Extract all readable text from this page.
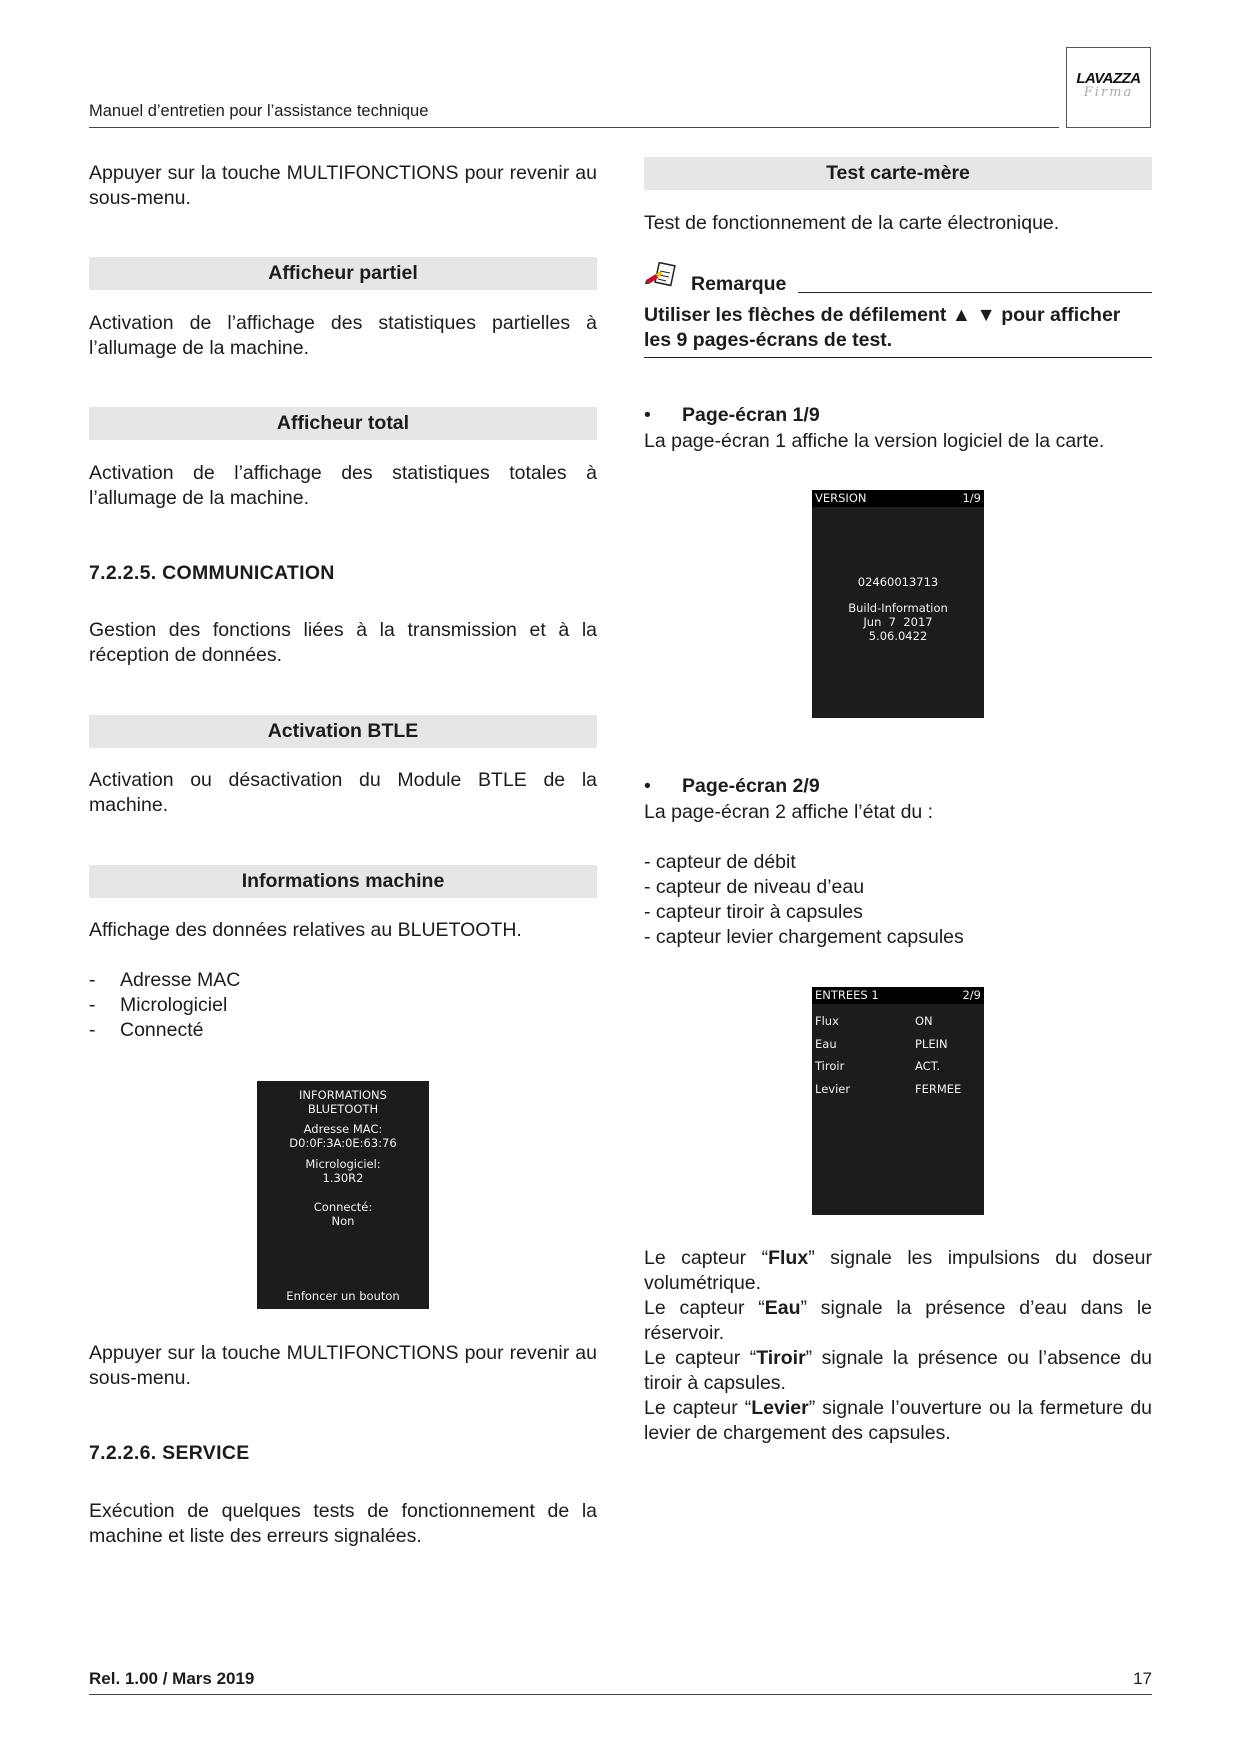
Manuel d’entretien pour l’assistance technique
LAVAZZA
Firma

Appuyer sur la touche MULTIFONCTIONS pour revenir au sous-menu.

Afficheur partiel

Activation de l’affichage des statistiques partielles à l’allumage de la machine.

Afficheur total

Activation de l’affichage des statistiques totales à l’allumage de la machine.

7.2.2.5. COMMUNICATION

Gestion des fonctions liées à la transmission et à la réception de données.

Activation BTLE

Activation ou désactivation du Module BTLE de la machine.

Informations machine

Affichage des données relatives au BLUETOOTH.

- Adresse MAC
- Micrologiciel
- Connecté
INFORMATIONS
BLUETOOTH
Adresse MAC:
D0:0F:3A:0E:63:76
Micrologiciel:
1.30R2
Connecté:
Non
Enfoncer un bouton

Appuyer sur la touche MULTIFONCTIONS pour revenir au sous-menu.

7.2.2.6. SERVICE

Exécution de quelques tests de fonctionnement de la machine et liste des erreurs signalées.

Test carte-mère

Test de fonctionnement de la carte électronique.

Remarque

Utiliser les flèches de défilement ▲ ▼ pour afficher les 9 pages-écrans de test.

• Page-écran 1/9

La page-écran 1 affiche la version logiciel de la carte.

VERSION	1/9
02460013713
Build-Information
Jun  7  2017
5.06.0422
• Page-écran 2/9

La page-écran 2 affiche l’état du :

- capteur de débit
- capteur de niveau d’eau
- capteur tiroir à capsules
- capteur levier chargement capsules
ENTREES 1	2/9
Flux	ON
Eau	PLEIN
Tiroir	ACT.
Levier	FERMEE
Le capteur “Flux” signale les impulsions du doseur volumétrique.
Le capteur “Eau” signale la présence d’eau dans le réservoir.
Le capteur “Tiroir” signale la présence ou l’absence du tiroir à capsules.
Le capteur “Levier” signale l’ouverture ou la fermeture du levier de chargement des capsules.
Rel. 1.00 / Mars 2019	17
